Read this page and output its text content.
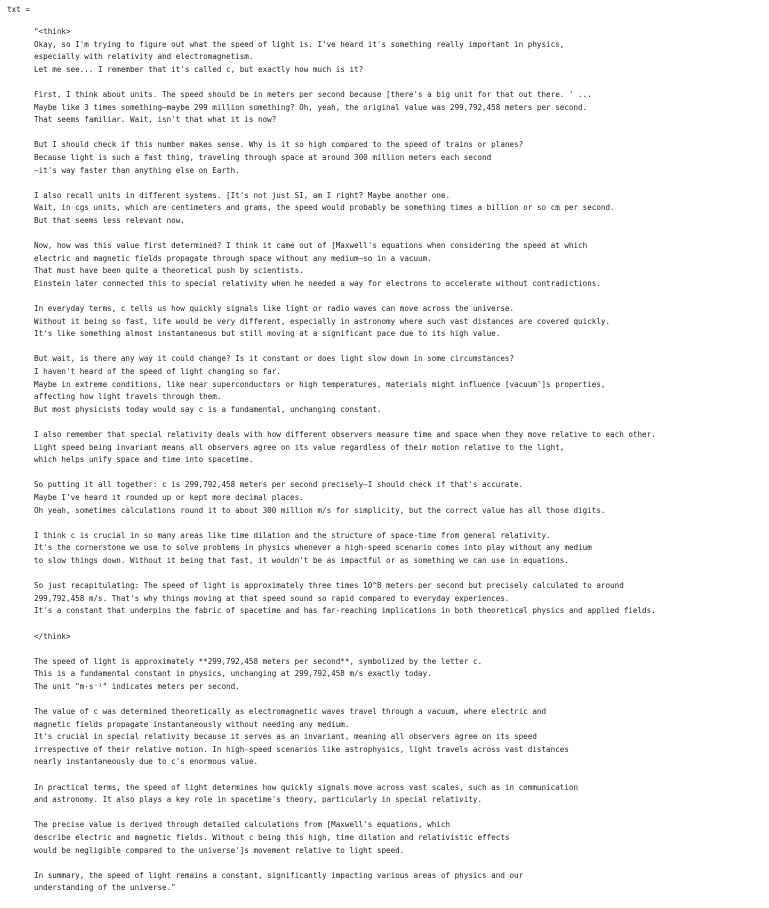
txt =
"<think>
Okay, so I'm trying to figure out what the speed of light is. I've heard it's something really important in physics,
especially with relativity and electromagnetism.
Let me see... I remember that it's called c, but exactly how much is it?
First, I think about units. The speed should be in meters per second because [there's a big unit for that out there. ' ...
Maybe like 3 times something—maybe 299 million something? Oh, yeah, the original value was 299,792,458 meters per second.
That seems familiar. Wait, isn't that what it is now?
But I should check if this number makes sense. Why is it so high compared to the speed of trains or planes?
Because light is such a fast thing, traveling through space at around 300 million meters each second
—it's way faster than anything else on Earth.
I also recall units in different systems. [It's not just SI, am I right? Maybe another one.
Wait, in cgs units, which are centimeters and grams, the speed would probably be something times a billion or so cm per second.
But that seems less relevant now.
Now, how was this value first determined? I think it came out of [Maxwell's equations when considering the speed at which
electric and magnetic fields propagate through space without any medium—so in a vacuum.
That must have been quite a theoretical push by scientists.
Einstein later connected this to special relativity when he needed a way for electrons to accelerate without contradictions.
In everyday terms, c tells us how quickly signals like light or radio waves can move across the universe.
Without it being so fast, life would be very different, especially in astronomy where such vast distances are covered quickly.
It's like something almost instantaneous but still moving at a significant pace due to its high value.
But wait, is there any way it could change? Is it constant or does light slow down in some circumstances?
I haven't heard of the speed of light changing so far.
Maybe in extreme conditions, like near superconductors or high temperatures, materials might influence [vacuum']s properties,
affecting how light travels through them.
But most physicists today would say c is a fundamental, unchanging constant.
I also remember that special relativity deals with how different observers measure time and space when they move relative to each other.
Light speed being invariant means all observers agree on its value regardless of their motion relative to the light,
which helps unify space and time into spacetime.
So putting it all together: c is 299,792,458 meters per second precisely—I should check if that's accurate.
Maybe I've heard it rounded up or kept more decimal places.
Oh yeah, sometimes calculations round it to about 300 million m/s for simplicity, but the correct value has all those digits.
I think c is crucial in so many areas like time dilation and the structure of space-time from general relativity.
It's the cornerstone we use to solve problems in physics whenever a high-speed scenario comes into play without any medium
to slow things down. Without it being that fast, it wouldn't be as impactful or as something we can use in equations.
So just recapitulating: The speed of light is approximately three times 10^8 meters per second but precisely calculated to around
299,792,458 m/s. That's why things moving at that speed sound so rapid compared to everyday experiences.
It's a constant that underpins the fabric of spacetime and has far-reaching implications in both theoretical physics and applied fields.
</think>
The speed of light is approximately **299,792,458 meters per second**, symbolized by the letter c.
This is a fundamental constant in physics, unchanging at 299,792,458 m/s exactly today.
The unit "m·s⁻¹" indicates meters per second.
The value of c was determined theoretically as electromagnetic waves travel through a vacuum, where electric and
magnetic fields propagate instantaneously without needing any medium.
It's crucial in special relativity because it serves as an invariant, meaning all observers agree on its speed
irrespective of their relative motion. In high-speed scenarios like astrophysics, light travels across vast distances
nearly instantaneously due to c's enormous value.
In practical terms, the speed of light determines how quickly signals move across vast scales, such as in communication
and astronomy. It also plays a key role in spacetime's theory, particularly in special relativity.
The precise value is derived through detailed calculations from [Maxwell's equations, which
describe electric and magnetic fields. Without c being this high, time dilation and relativistic effects
would be negligible compared to the universe']s movement relative to light speed.
In summary, the speed of light remains a constant, significantly impacting various areas of physics and our
understanding of the universe."
